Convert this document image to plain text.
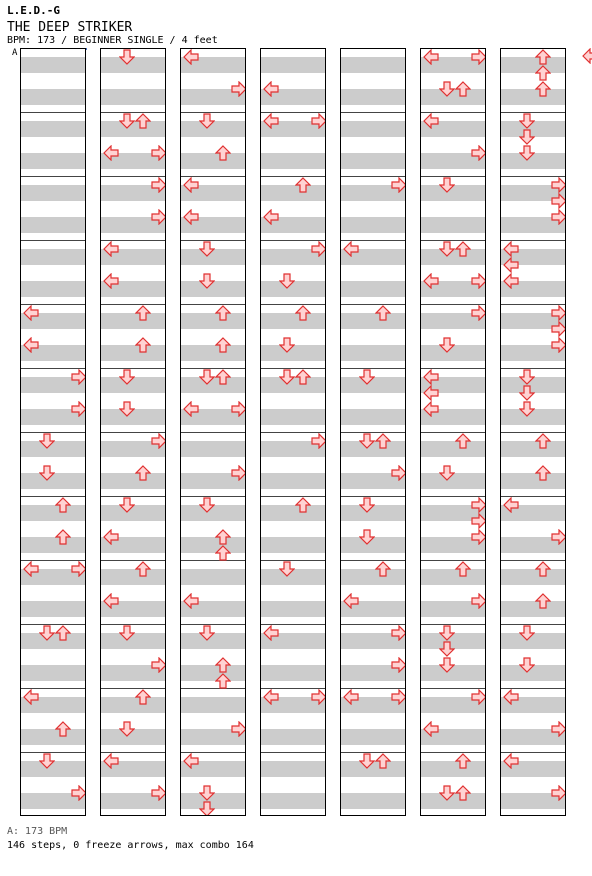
L.E.D.-G
THE DEEP STRIKER
BPM: 173 / BEGINNER SINGLE / 4 feet
A
A: 173 BPM
146 steps, 0 freeze arrows, max combo 164
